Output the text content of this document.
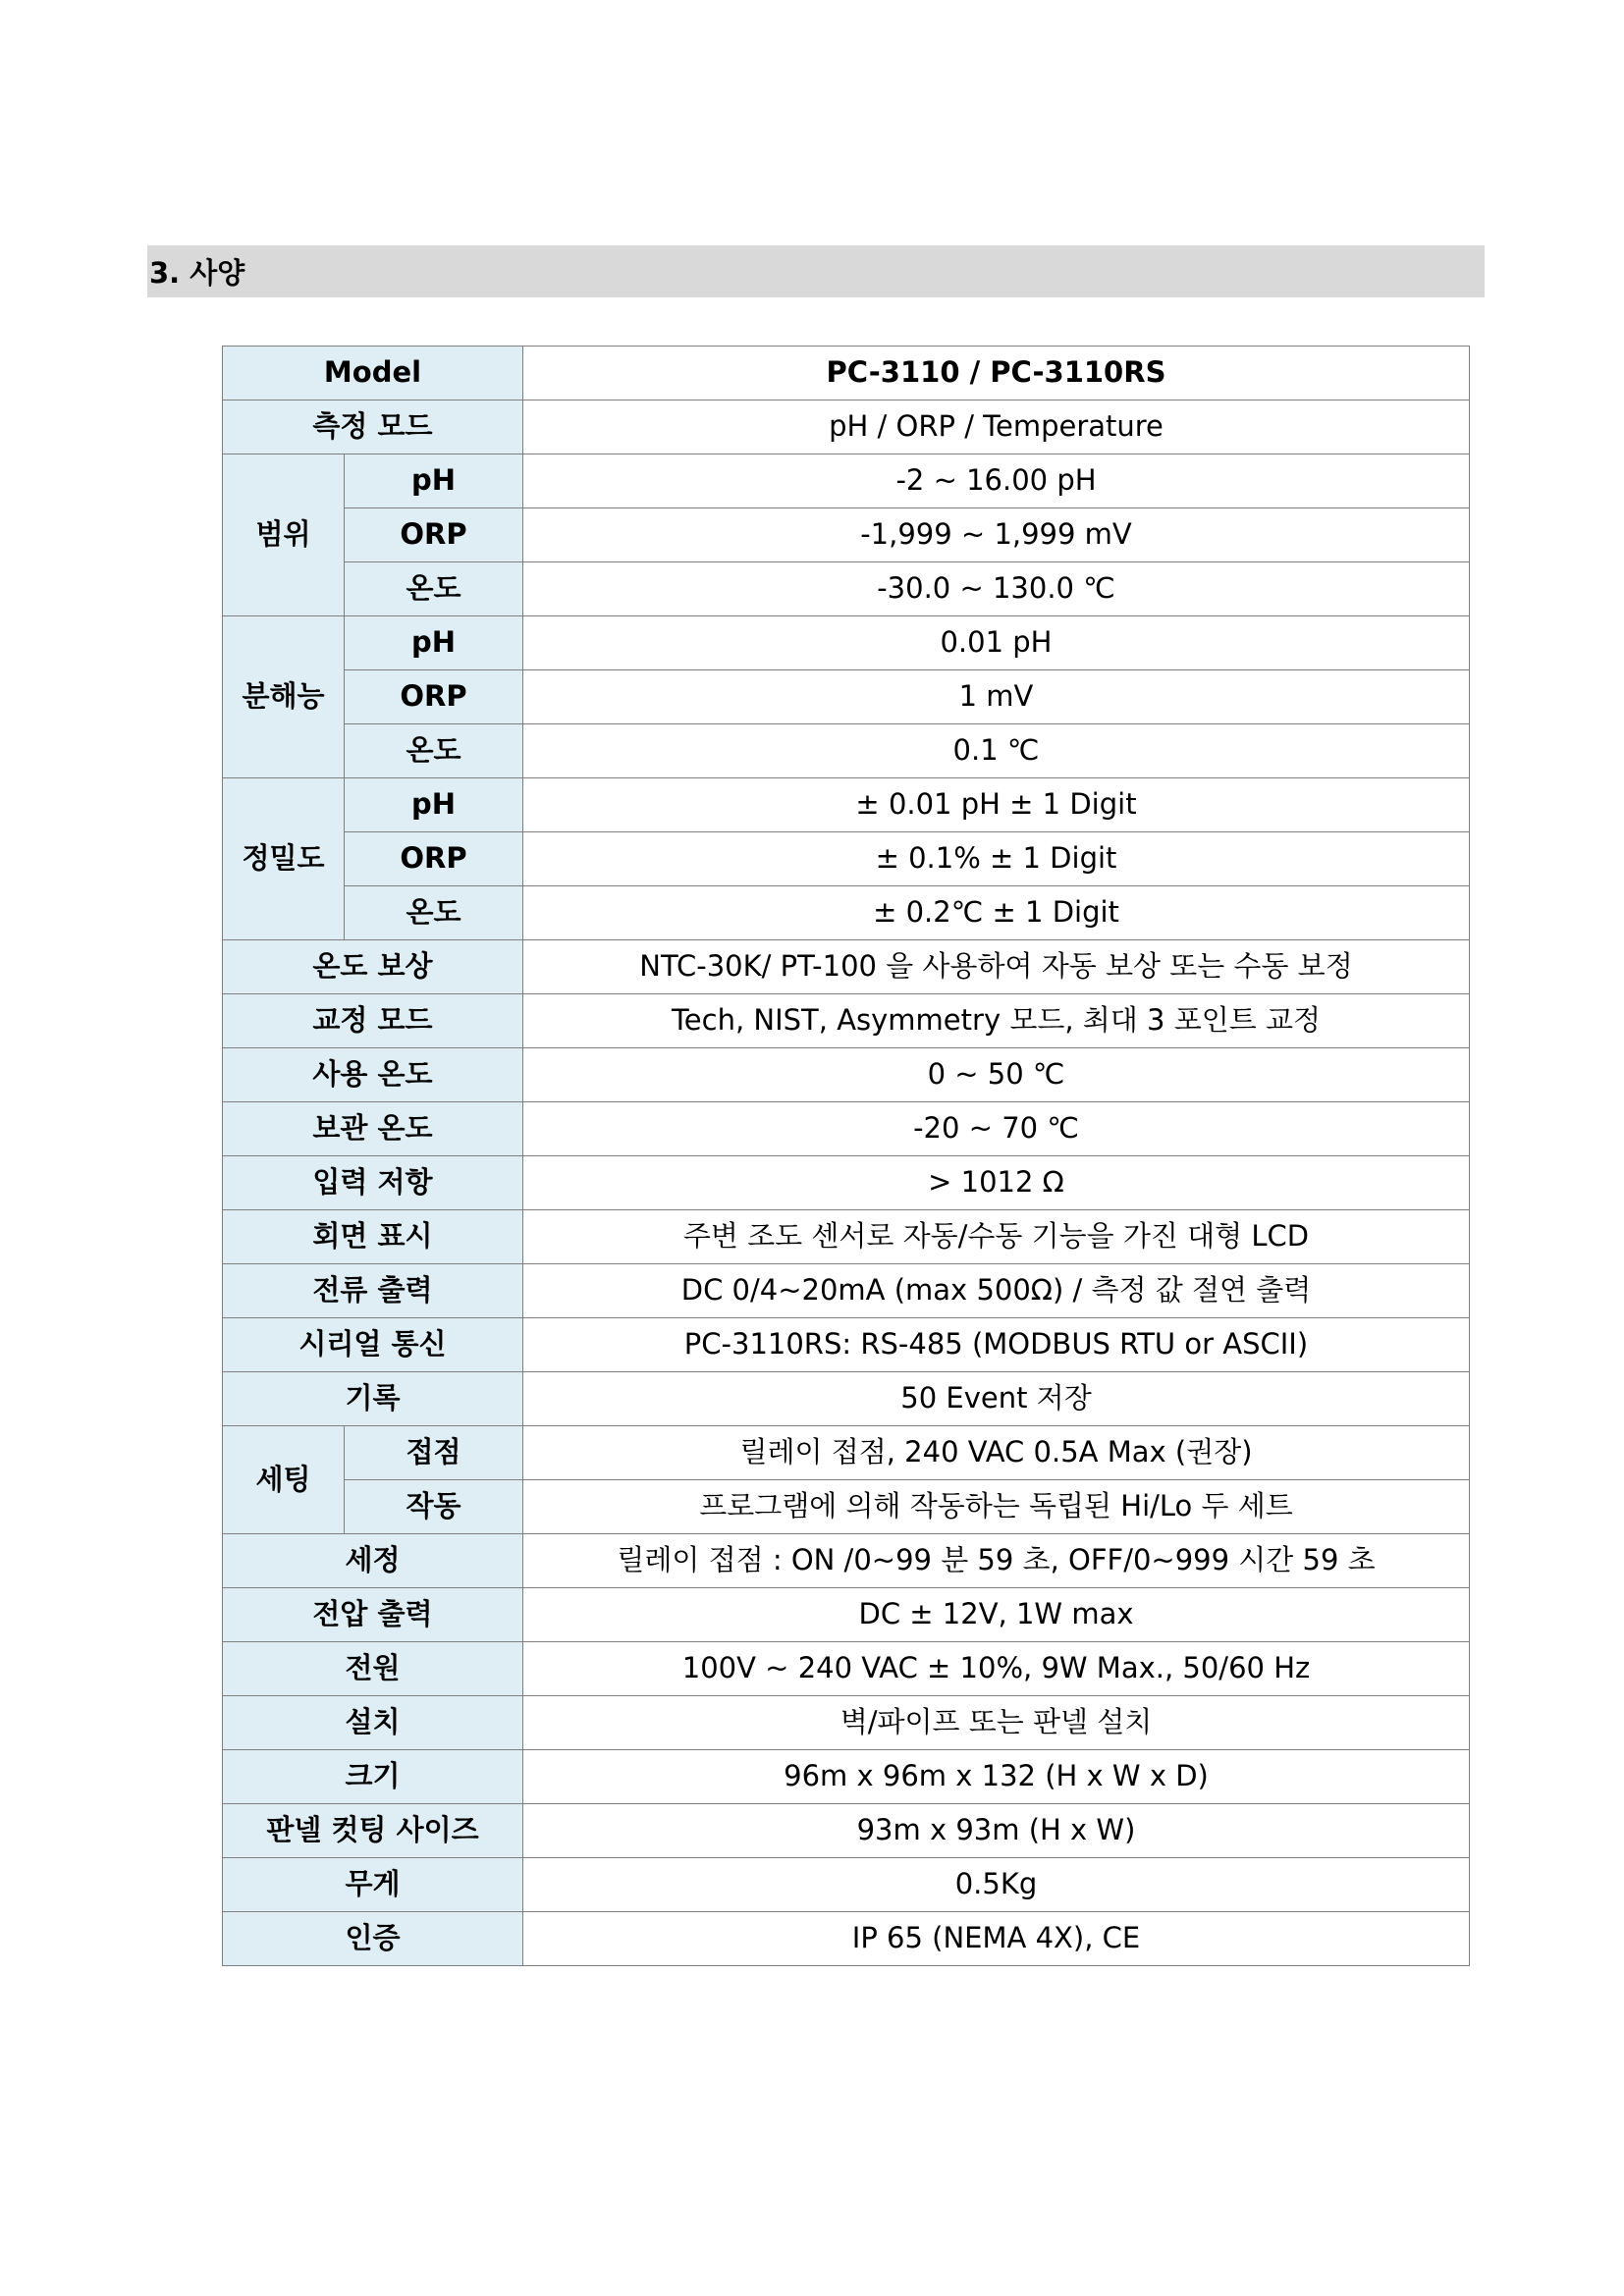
3. 사양
Model		PC-3110 / PC-3110RS
측정 모드		pH / ORP / Temperature
범위	pH	-2 ~ 16.00 pH
	ORP	-1,999 ~ 1,999 mV
	온도	-30.0 ~ 130.0 ℃
분해능	pH	0.01 pH
	ORP	1 mV
	온도	0.1 ℃
정밀도	pH	± 0.01 pH ± 1 Digit
	ORP	± 0.1% ± 1 Digit
	온도	± 0.2℃ ± 1 Digit
온도 보상		NTC-30K/ PT-100 을 사용하여 자동 보상 또는 수동 보정
교정 모드		Tech, NIST, Asymmetry 모드, 최대 3 포인트 교정
사용 온도		0 ~ 50 ℃
보관 온도		-20 ~ 70 ℃
입력 저항		> 1012 Ω
회면 표시		주변 조도 센서로 자동/수동 기능을 가진 대형 LCD
전류 출력		DC 0/4~20mA (max 500Ω) / 측정 값 절연 출력
시리얼 통신		PC-3110RS: RS-485 (MODBUS RTU or ASCII)
기록		50 Event 저장
세팅	접점	릴레이 접점, 240 VAC 0.5A Max (권장)
	작동	프로그램에 의해 작동하는 독립된 Hi/Lo 두 세트
세정		릴레이 접점 : ON /0~99 분 59 초, OFF/0~999 시간 59 초
전압 출력		DC ± 12V, 1W max
전원		100V ~ 240 VAC ± 10%, 9W Max., 50/60 Hz
설치		벽/파이프 또는 판넬 설치
크기		96m x 96m x 132 (H x W x D)
판넬 컷팅 사이즈		93m x 93m (H x W)
무게		0.5Kg
인증		IP 65 (NEMA 4X), CE
